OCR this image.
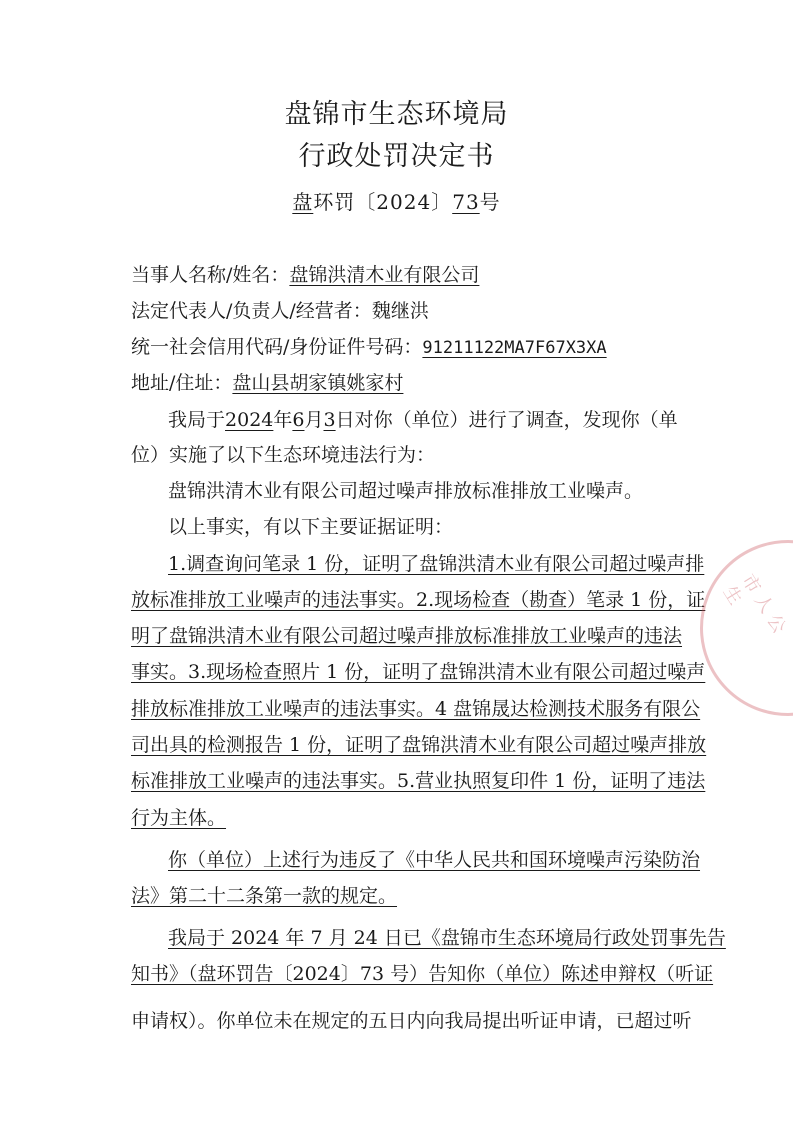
盘锦市生态环境局
行政处罚决定书
盘环罚〔2024〕73号
当事人名称/姓名：盘锦洪清木业有限公司
法定代表人/负责人/经营者：魏继洪
统一社会信用代码/身份证件号码：91211122MA7F67X3XA
地址/住址：盘山县胡家镇姚家村
我局于2024年6月3日对你（单位）进行了调查，发现你（单
位）实施了以下生态环境违法行为：
盘锦洪清木业有限公司超过噪声排放标准排放工业噪声。
以上事实，有以下主要证据证明：
1.调查询问笔录 1 份，证明了盘锦洪清木业有限公司超过噪声排
放标准排放工业噪声的违法事实。2.现场检查（勘查）笔录 1 份，证
明了盘锦洪清木业有限公司超过噪声排放标准排放工业噪声的违法
事实。3.现场检查照片 1 份，证明了盘锦洪清木业有限公司超过噪声
排放标准排放工业噪声的违法事实。4 盘锦晟达检测技术服务有限公
司出具的检测报告 1 份，证明了盘锦洪清木业有限公司超过噪声排放
标准排放工业噪声的违法事实。5.营业执照复印件 1 份，证明了违法
行为主体。
你（单位）上述行为违反了《中华人民共和国环境噪声污染防治
法》第二十二条第一款的规定。
我局于 2024 年 7 月 24 日已《盘锦市生态环境局行政处罚事先告
知书》（盘环罚告〔2024〕73 号）告知你（单位）陈述申辩权（听证
申请权）。你单位未在规定的五日内向我局提出听证申请，已超过听
市 人 公 生
